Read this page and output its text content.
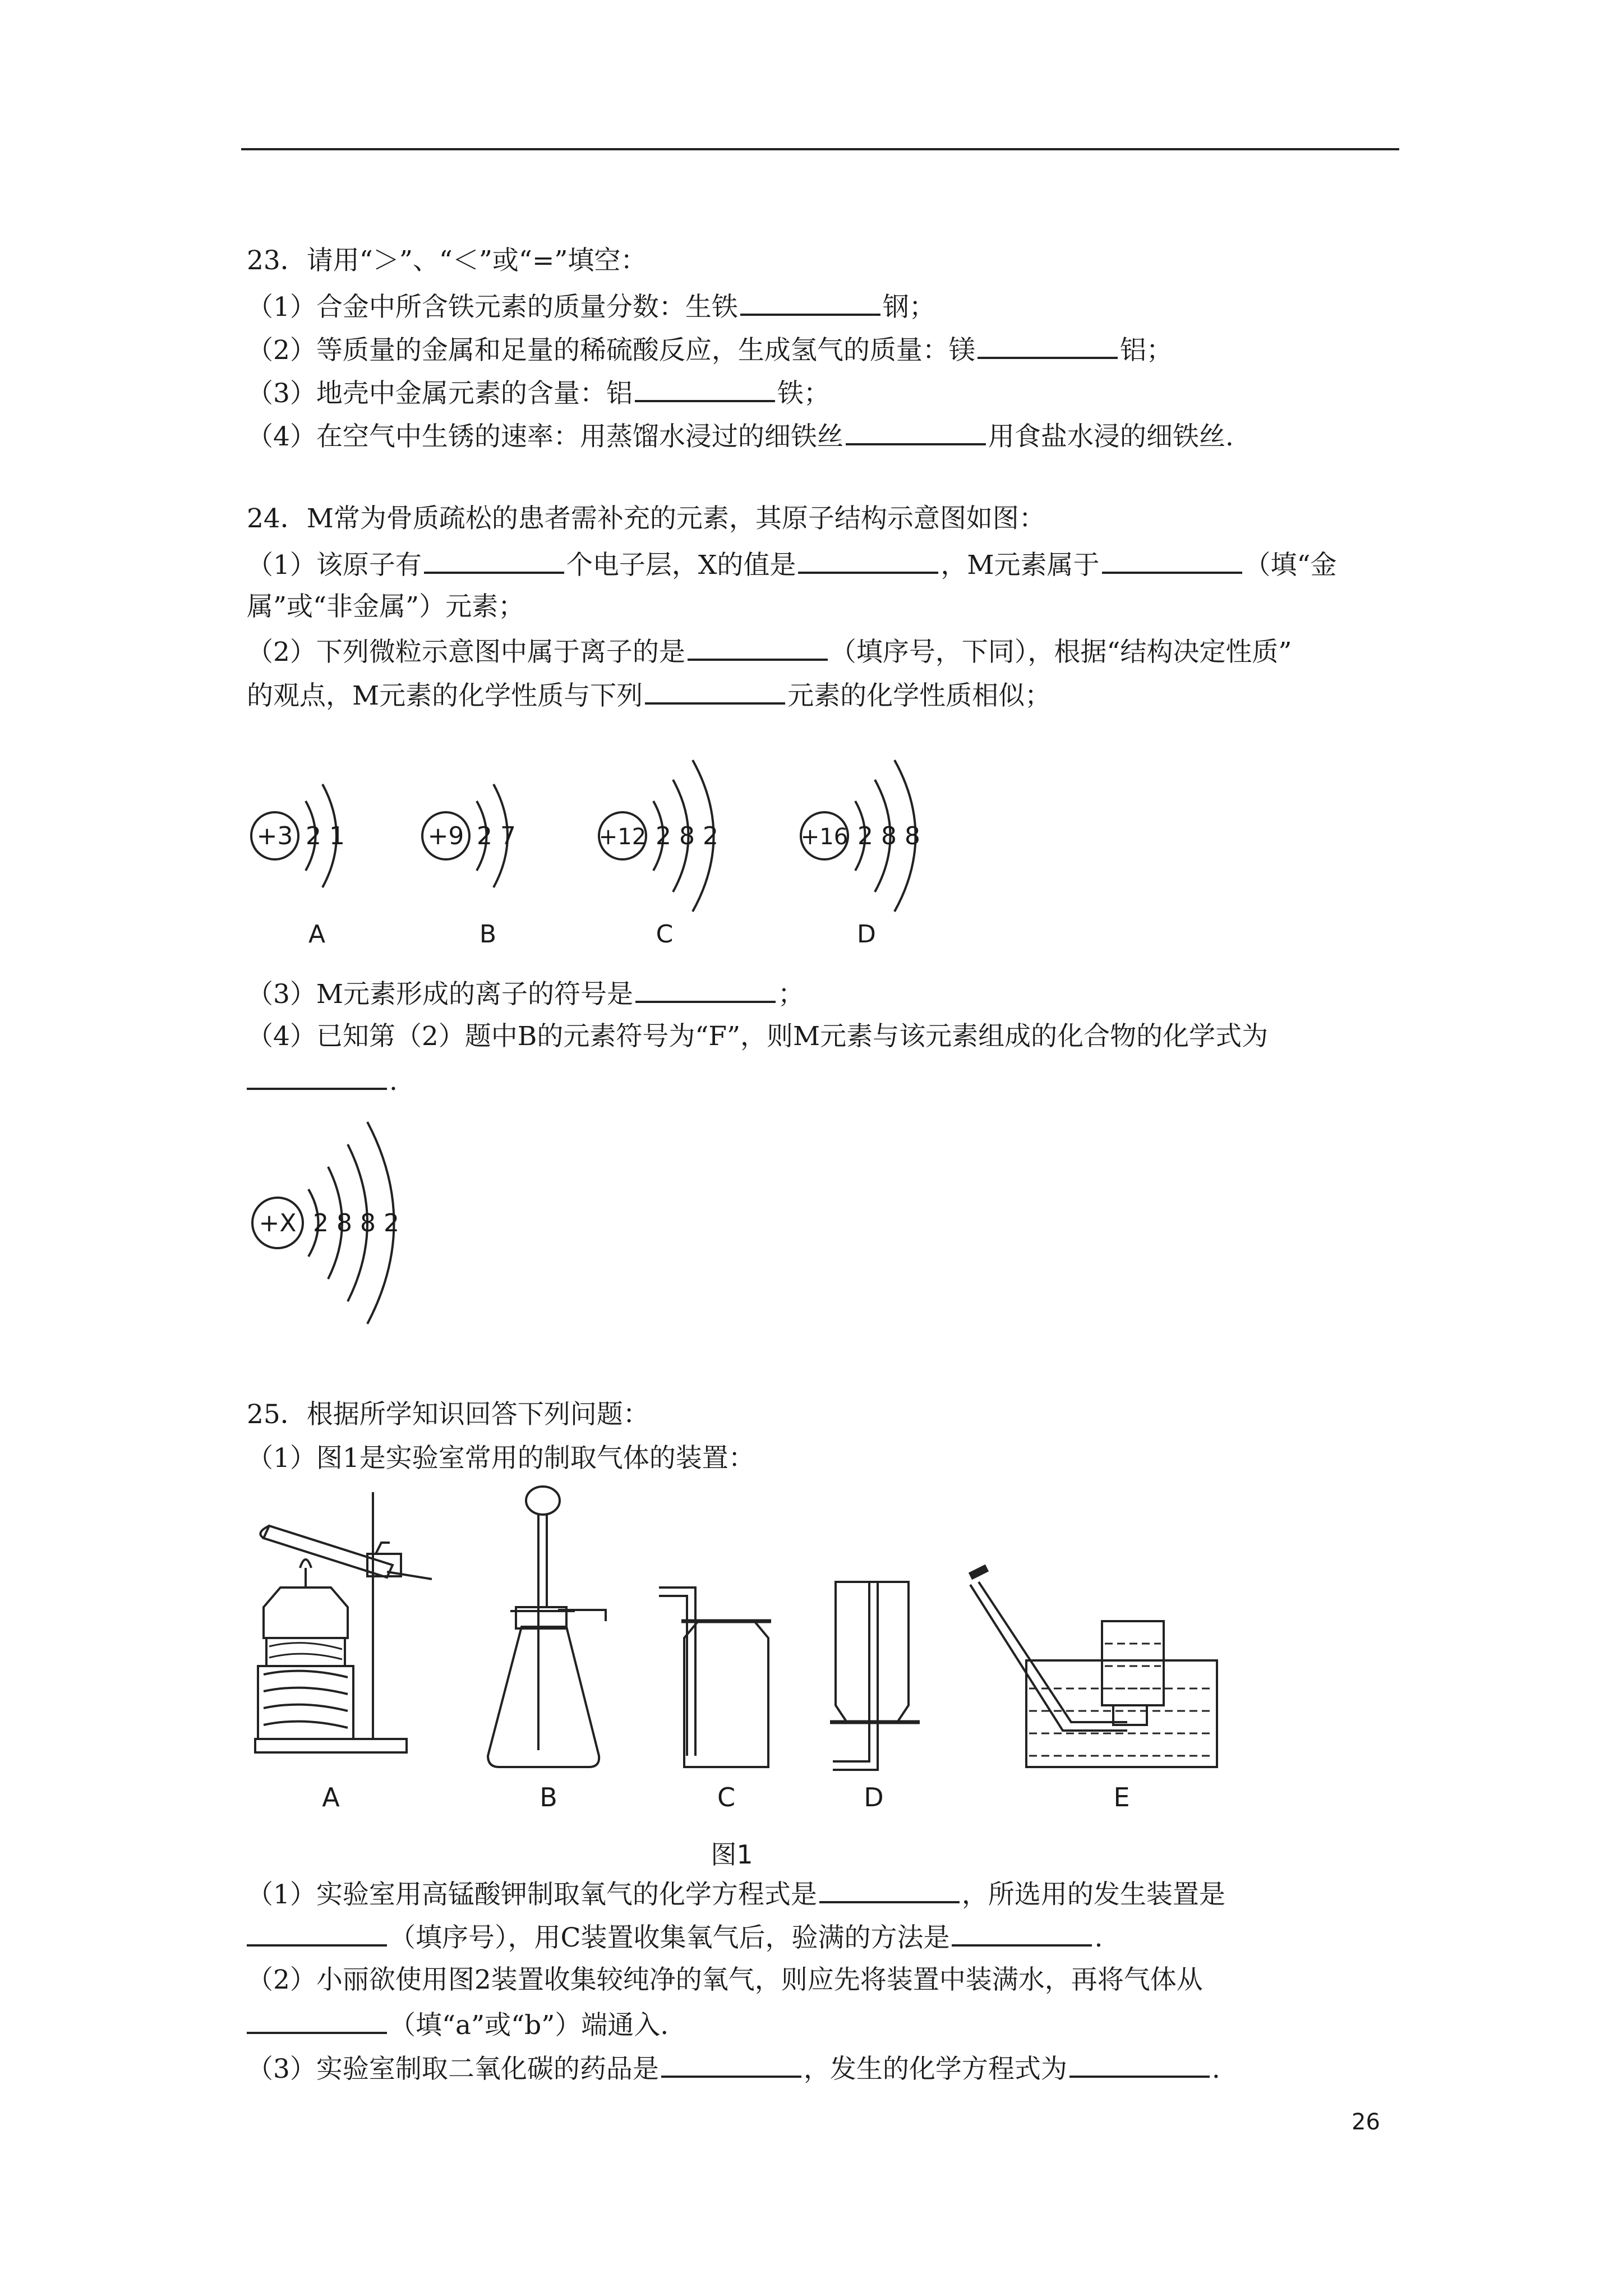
23．请用“＞”、“＜”或“=”填空：
（1）合金中所含铁元素的质量分数：生铁	钢；
（2）等质量的金属和足量的稀硫酸反应，生成氢气的质量：镁	铝；
（3）地壳中金属元素的含量：铝	铁；
（4）在空气中生锈的速率：用蒸馏水浸过的细铁丝	用食盐水浸的细铁丝.
24．M常为骨质疏松的患者需补充的元素，其原子结构示意图如图：
（1）该原子有	个电子层，X的值是	，M元素属于	（填“金
属”或“非金属”）元素；
（2）下列微粒示意图中属于离子的是	（填序号，下同），根据“结构决定性质”
的观点，M元素的化学性质与下列	元素的化学性质相似；
+3 2 1	+9 2 7	+12 2 8 2	+16 2 8 8
A	B	C	D
（3）M元素形成的离子的符号是	；
（4）已知第（2）题中B的元素符号为“F”，则M元素与该元素组成的化合物的化学式为
.
+X 2 8 8 2
25．根据所学知识回答下列问题：
（1）图1是实验室常用的制取气体的装置：
A	B	C	D	E
图1
（1）实验室用高锰酸钾制取氧气的化学方程式是	，所选用的发生装置是
（填序号），用C装置收集氧气后，验满的方法是	.
（2）小丽欲使用图2装置收集较纯净的氧气，则应先将装置中装满水，再将气体从
（填“a”或“b”）端通入.
（3）实验室制取二氧化碳的药品是	，发生的化学方程式为	.
26
